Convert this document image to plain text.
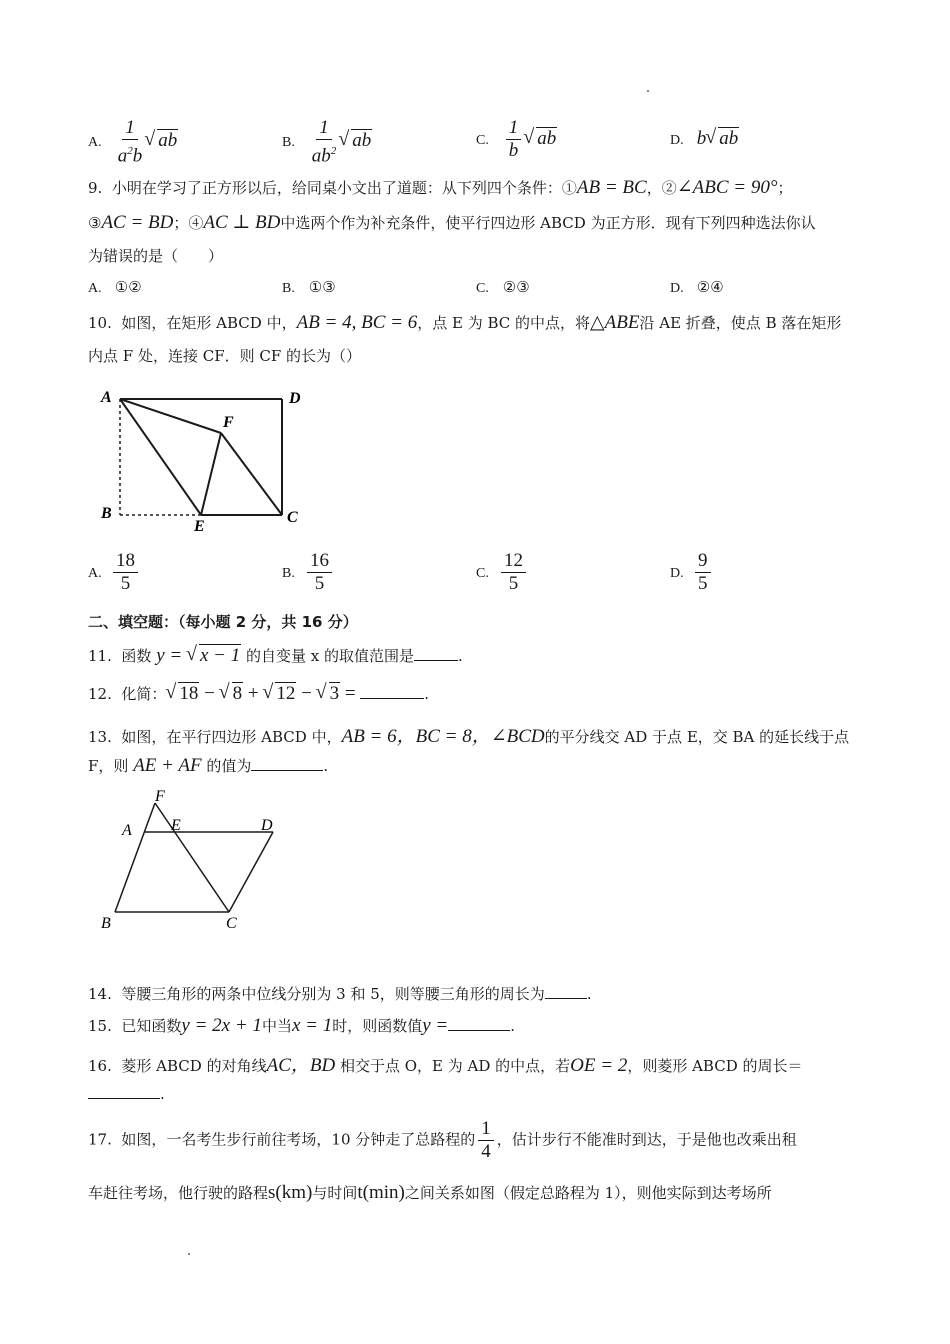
A. $\frac{1}{a^2b}$ √ ab	B. $\frac{1}{ab^2}$ √ ab	C. $\frac{1}{b}$ √ ab	D. b √ ab
9. 小明在学习了正方形以后，给同桌小文出了道题：从下列四个条件：①AB = BC，②∠ABC = 90°；
③AC = BD；④AC ⊥ BD中选两个作为补充条件，使平行四边形 ABCD 为正方形．现有下列四种选法你认
为错误的是（　　）
A. ①②	B. ①③	C. ②③	D. ②④
10. 如图，在矩形 ABCD 中，AB = 4, BC = 6，点 E 为 BC 的中点，将△ABE沿 AE 折叠，使点 B 落在矩形
内点 F 处，连接 CF．则 CF 的长为（）
A	D
F
B
E
C
A. $\frac{18}{5}$	B. $\frac{16}{5}$	C. $\frac{12}{5}$	D. $\frac{9}{5}$
二、填空题：（每小题 2 分，共 16 分）
11. 函数 y = √ x − 1 的自变量 x 的取值范围是	.
12. 化简： √ 18 − √ 8 + √ 12 − √ 3 =	.
13. 如图，在平行四边形 ABCD 中，AB = 6，BC = 8，∠BCD的平分线交 AD 于点 E，交 BA 的延长线于点
F，则 AE + AF 的值为	.
F
A E	D
B	C
14. 等腰三角形的两条中位线分别为 3 和 5，则等腰三角形的周长为	.
15. 已知函数y = 2x + 1中当x = 1时，则函数值y =	.
16. 菱形 ABCD 的对角线AC，BD 相交于点 O，E 为 AD 的中点，若OE = 2，则菱形 ABCD 的周长＝
.
17. 如图，一名考生步行前往考场，10 分钟走了总路程的 $\frac{1}{4}$ ，估计步行不能准时到达，于是他也改乘出租
车赶往考场，他行驶的路程s(km)与时间t(min)之间关系如图（假定总路程为 1），则他实际到达考场所
